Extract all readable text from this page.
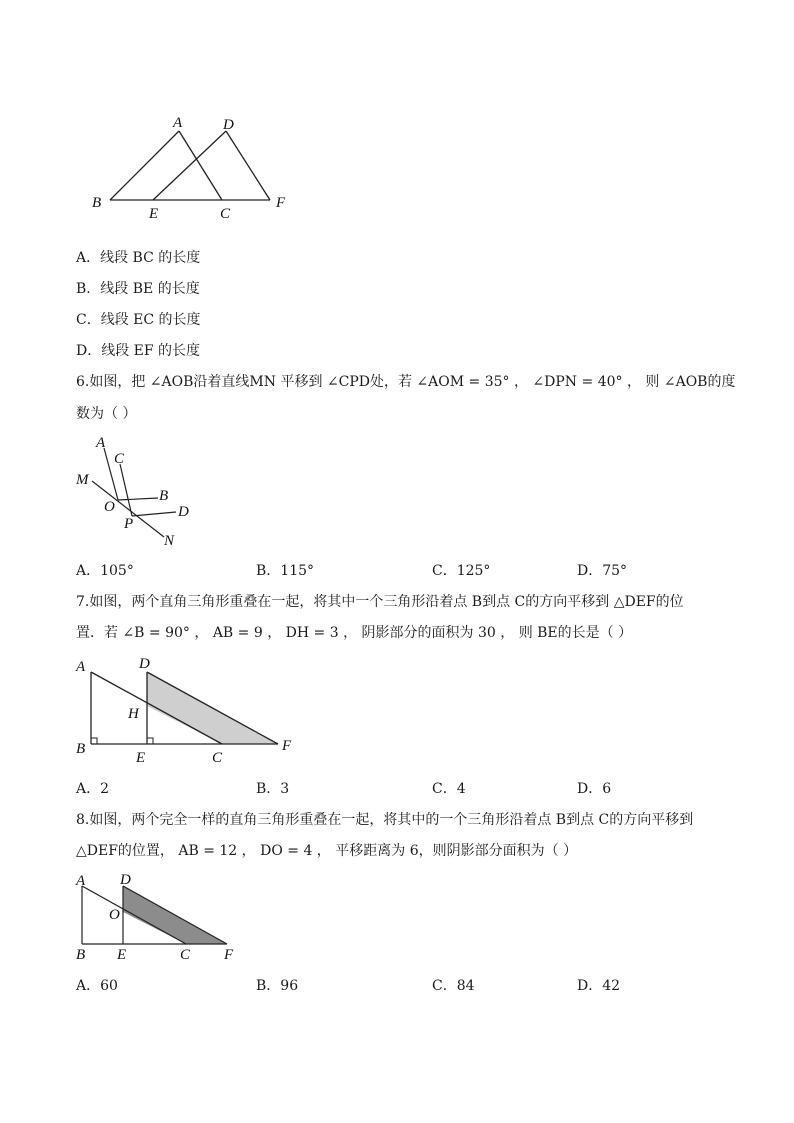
A	D
B
E	C
F
A．线段 BC 的长度
B．线段 BE 的长度
C．线段 EC 的长度
D．线段 EF 的长度
6.如图，把 ∠AOB沿着直线MN 平移到 ∠CPD处，若 ∠AOM = 35° ， ∠DPN = 40° ， 则 ∠AOB的度
数为（ ）
A
C
M
B
O
P
D
N
A．105°	B．115°	C．125°	D．75°
7.如图，两个直角三角形重叠在一起，将其中一个三角形沿着点 B到点 C的方向平移到 △DEF的位
置．若 ∠B = 90° ， AB = 9 ， DH = 3 ， 阴影部分的面积为 30 ， 则 BE的长是（ ）
A	D
H
B
E	C
F
A．2	B．3	C．4	D．6
8.如图，两个完全一样的直角三角形重叠在一起，将其中的一个三角形沿着点 B到点 C的方向平移到
△DEF的位置， AB = 12 ， DO = 4 ， 平移距离为 6，则阴影部分面积为（ ）
A D
O
B E	C F
A．60	B．96	C．84	D．42
